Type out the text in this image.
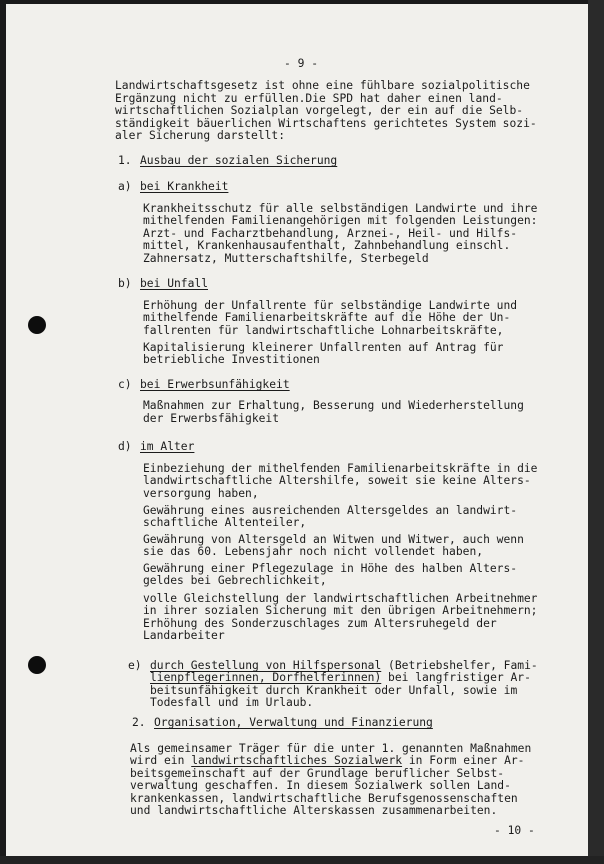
- 9 -
Landwirtschaftsgesetz ist ohne eine fühlbare sozialpolitische
Ergänzung nicht zu erfüllen.Die SPD hat daher einen land-
wirtschaftlichen Sozialplan vorgelegt, der ein auf die Selb-
ständigkeit bäuerlichen Wirtschaftens gerichtetes System sozi-
aler Sicherung darstellt:
1. Ausbau der sozialen Sicherung
a) bei Krankheit
Krankheitsschutz für alle selbständigen Landwirte und ihre
mithelfenden Familienangehörigen mit folgenden Leistungen:
Arzt- und Facharztbehandlung, Arznei-, Heil- und Hilfs-
mittel, Krankenhausaufenthalt, Zahnbehandlung einschl.
Zahnersatz, Mutterschaftshilfe, Sterbegeld
b) bei Unfall
Erhöhung der Unfallrente für selbständige Landwirte und
mithelfende Familienarbeitskräfte auf die Höhe der Un-
fallrenten für landwirtschaftliche Lohnarbeitskräfte,
Kapitalisierung kleinerer Unfallrenten auf Antrag für
betriebliche Investitionen
c) bei Erwerbsunfähigkeit
Maßnahmen zur Erhaltung, Besserung und Wiederherstellung
der Erwerbsfähigkeit
d) im Alter
Einbeziehung der mithelfenden Familienarbeitskräfte in die
landwirtschaftliche Altershilfe, soweit sie keine Alters-
versorgung haben,
Gewährung eines ausreichenden Altersgeldes an landwirt-
schaftliche Altenteiler,
Gewährung von Altersgeld an Witwen und Witwer, auch wenn
sie das 60. Lebensjahr noch nicht vollendet haben,
Gewährung einer Pflegezulage in Höhe des halben Alters-
geldes bei Gebrechlichkeit,
volle Gleichstellung der landwirtschaftlichen Arbeitnehmer
in ihrer sozialen Sicherung mit den übrigen Arbeitnehmern;
Erhöhung des Sonderzuschlages zum Altersruhegeld der
Landarbeiter
e) durch Gestellung von Hilfspersonal (Betriebshelfer, Fami-
lienpflegerinnen, Dorfhelferinnen) bei langfristiger Ar-
beitsunfähigkeit durch Krankheit oder Unfall, sowie im
Todesfall und im Urlaub.
2. Organisation, Verwaltung und Finanzierung
Als gemeinsamer Träger für die unter 1. genannten Maßnahmen
wird ein landwirtschaftliches Sozialwerk in Form einer Ar-
beitsgemeinschaft auf der Grundlage beruflicher Selbst-
verwaltung geschaffen. In diesem Sozialwerk sollen Land-
krankenkassen, landwirtschaftliche Berufsgenossenschaften
und landwirtschaftliche Alterskassen zusammenarbeiten.
- 10 -
